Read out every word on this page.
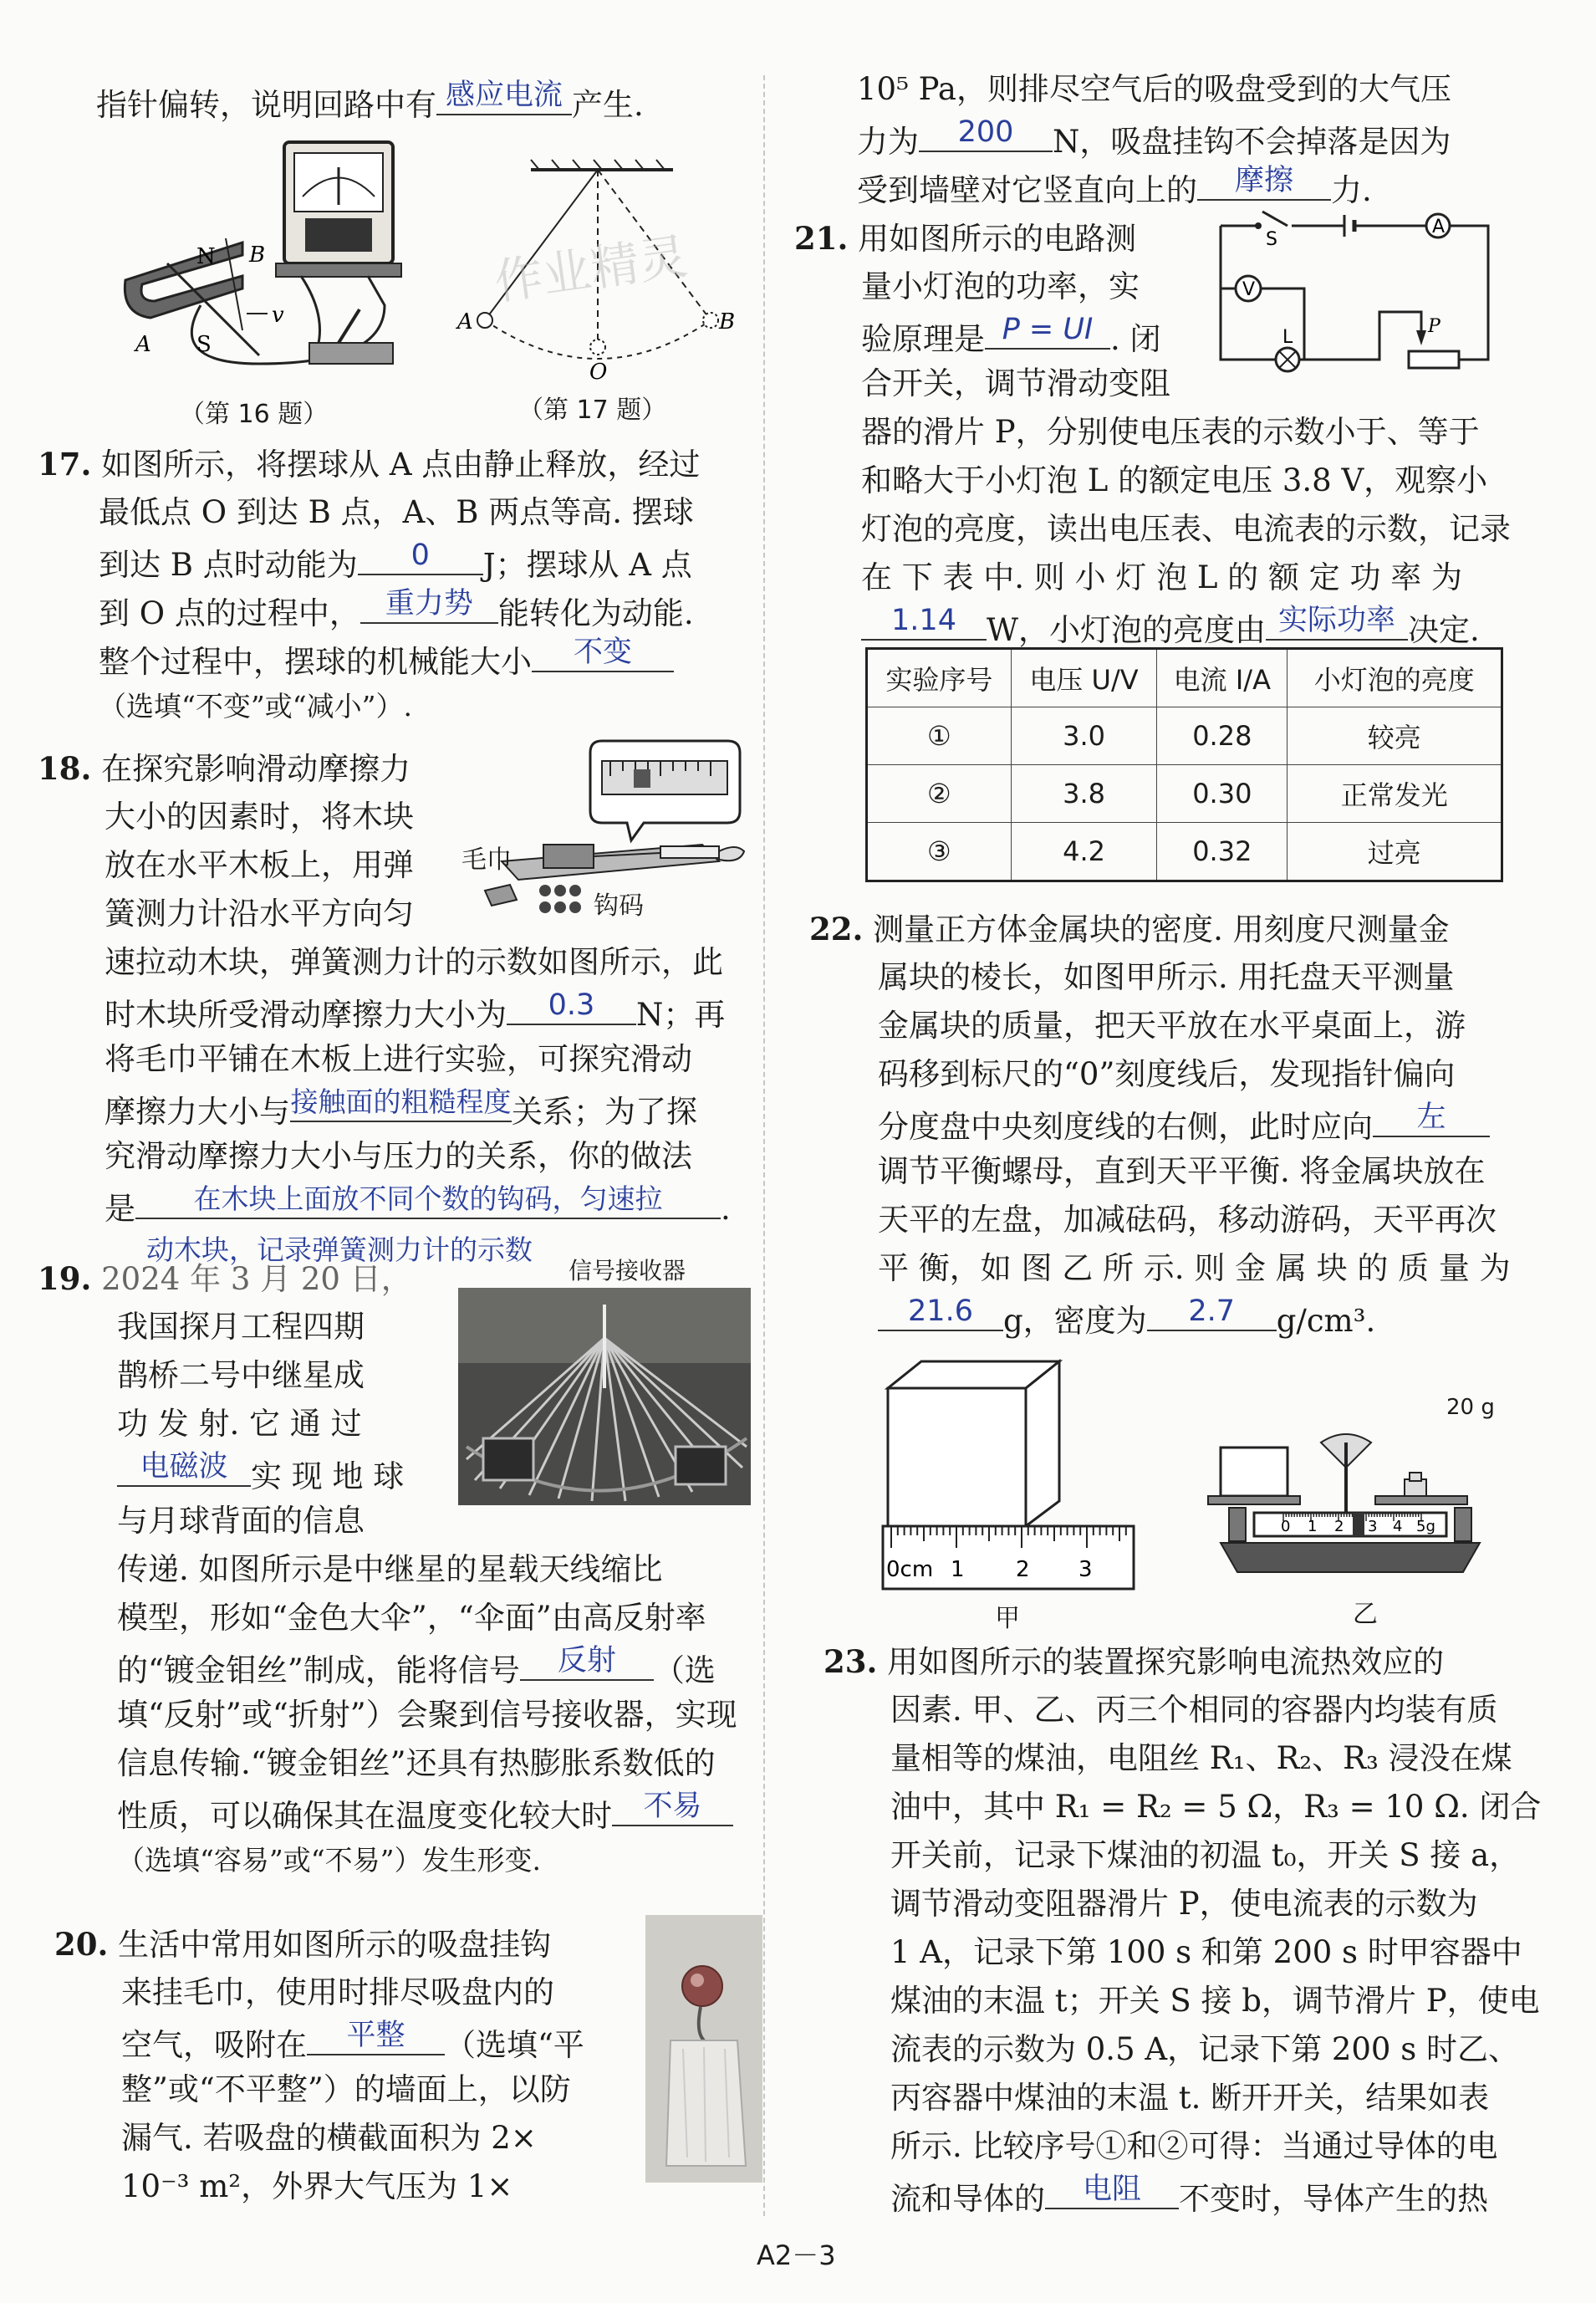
指针偏转，说明回路中有 感应电流 产生.
N B
S
A
v
（第 16 题）
A	B
O
（第 17 题）
作业精灵
17. 如图所示，将摆球从 A 点由静止释放，经过
最低点 O 到达 B 点，A、B 两点等高. 摆球
到达 B 点时动能为	0	J；摆球从 A 点
到 O 点的过程中， 重力势 能转化为动能.
整个过程中，摆球的机械能大小	不变
（选填“不变”或“减小”）.
18. 在探究影响滑动摩擦力
大小的因素时，将木块
放在水平木板上，用弹
簧测力计沿水平方向匀
毛巾
钩码
速拉动木块，弹簧测力计的示数如图所示，此
时木块所受滑动摩擦力大小为	0.3	N；再
将毛巾平铺在木板上进行实验，可探究滑动
摩擦力大小与 接触面的粗糙程度 关系；为了探
究滑动摩擦力大小与压力的关系，你的做法
是	在木块上面放不同个数的钩码，匀速拉	.
动木块，记录弹簧测力计的示数
19. 2024 年 3 月 20 日，	信号接收器
我国探月工程四期
鹊桥二号中继星成
功 发 射. 它 通 过
电磁波 实 现 地 球
与月球背面的信息
传递. 如图所示是中继星的星载天线缩比
模型，形如“金色大伞”，“伞面”由高反射率
的“镀金钼丝”制成，能将信号	反射	（选
填“反射”或“折射”）会聚到信号接收器，实现
信息传输.“镀金钼丝”还具有热膨胀系数低的
性质，可以确保其在温度变化较大时	不易
（选填“容易”或“不易”）发生形变.
20. 生活中常用如图所示的吸盘挂钩
来挂毛巾，使用时排尽吸盘内的
空气，吸附在	平整	（选填“平
整”或“不平整”）的墙面上，以防
漏气. 若吸盘的横截面积为 2×
10⁻³ m²，外界大气压为 1×
10⁵ Pa，则排尽空气后的吸盘受到的大气压
力为	200	N，吸盘挂钩不会掉落是因为
受到墙壁对它竖直向上的	摩擦	力.
21. 用如图所示的电路测
量小灯泡的功率，实
验原理是 P = UI . 闭
合开关，调节滑动变阻
S
A
V
L
P
器的滑片 P，分别使电压表的示数小于、等于
和略大于小灯泡 L 的额定电压 3.8 V，观察小
灯泡的亮度，读出电压表、电流表的示数，记录
在 下 表 中. 则 小 灯 泡 L 的 额 定 功 率 为
1.14 W，小灯泡的亮度由 实际功率 决定.
实验序号	电压 U/V	电流 I/A	小灯泡的亮度
①	3.0	0.28	较亮
②	3.8	0.30	正常发光
③	4.2	0.32	过亮
22. 测量正方体金属块的密度. 用刻度尺测量金
属块的棱长，如图甲所示. 用托盘天平测量
金属块的质量，把天平放在水平桌面上，游
码移到标尺的“0”刻度线后，发现指针偏向
分度盘中央刻度线的右侧，此时应向	左
调节平衡螺母，直到天平平衡. 将金属块放在
天平的左盘，加减砝码，移动游码，天平再次
平 衡，如 图 乙 所 示. 则 金 属 块 的 质 量 为
21.6 g，密度为	2.7	g/cm³.
0cm 1 2 3
甲
0 1 2 3 4 5g
20 g
乙
23. 用如图所示的装置探究影响电流热效应的
因素. 甲、乙、丙三个相同的容器内均装有质
量相等的煤油，电阻丝 R₁、R₂、R₃ 浸没在煤
油中，其中 R₁ = R₂ = 5 Ω，R₃ = 10 Ω. 闭合
开关前，记录下煤油的初温 t₀，开关 S 接 a，
调节滑动变阻器滑片 P，使电流表的示数为
1 A，记录下第 100 s 和第 200 s 时甲容器中
煤油的末温 t；开关 S 接 b，调节滑片 P，使电
流表的示数为 0.5 A，记录下第 200 s 时乙、
丙容器中煤油的末温 t. 断开开关，结果如表
所示. 比较序号①和②可得：当通过导体的电
流和导体的	电阻	不变时，导体产生的热
A2－3
